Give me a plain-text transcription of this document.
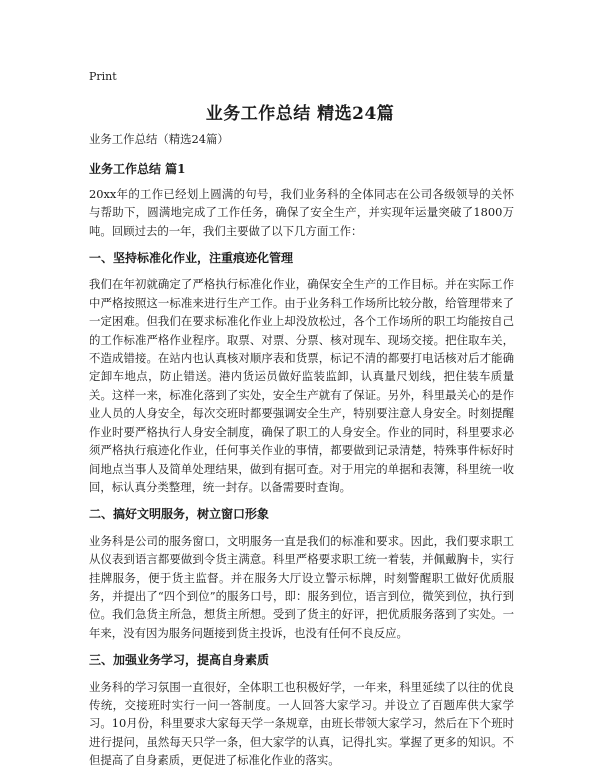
Print
业务工作总结 精选24篇

业务工作总结（精选24篇）

业务工作总结 篇1

20xx年的工作已经划上圆满的句号，我们业务科的全体同志在公司各级领导的关怀与帮助下，圆满地完成了工作任务，确保了安全生产，并实现年运量突破了1800万吨。回顾过去的一年，我们主要做了以下几方面工作：

一、坚持标准化作业，注重痕迹化管理

我们在年初就确定了严格执行标准化作业，确保安全生产的工作目标。并在实际工作中严格按照这一标准来进行生产工作。由于业务科工作场所比较分散，给管理带来了一定困难。但我们在要求标准化作业上却没放松过，各个工作场所的职工均能按自己的工作标准严格作业程序。取票、对票、分票、核对现车、现场交接。把住取车关，不造成错接。在站内也认真核对顺序表和货票，标记不清的都要打电话核对后才能确定卸车地点，防止错送。港内货运员做好监装监卸，认真量尺划线，把住装车质量关。这样一来，标准化落到了实处，安全生产就有了保证。另外，科里最关心的是作业人员的人身安全，每次交班时都要强调安全生产，特别要注意人身安全。时刻提醒作业时要严格执行人身安全制度，确保了职工的人身安全。作业的同时，科里要求必须严格执行痕迹化作业，任何事关作业的事情，都要做到记录清楚，特殊事件标好时间地点当事人及简单处理结果，做到有据可查。对于用完的单据和表簿，科里统一收回，标认真分类整理，统一封存。以备需要时查询。

二、搞好文明服务，树立窗口形象

业务科是公司的服务窗口，文明服务一直是我们的标准和要求。因此，我们要求职工从仪表到语言都要做到令货主满意。科里严格要求职工统一着装，并佩戴胸卡，实行挂牌服务，便于货主监督。并在服务大厅设立警示标牌，时刻警醒职工做好优质服务，并提出了“四个到位”的服务口号，即：服务到位，语言到位，微笑到位，执行到位。我们急货主所急，想货主所想。受到了货主的好评，把优质服务落到了实处。一年来，没有因为服务问题接到货主投诉，也没有任何不良反应。

三、加强业务学习，提高自身素质

业务科的学习氛围一直很好，全体职工也积极好学，一年来，科里延续了以往的优良传统，交接班时实行一问一答制度。一人回答大家学习。并设立了百题库供大家学习。10月份，科里要求大家每天学一条规章，由班长带领大家学习，然后在下个班时进行提问，虽然每天只学一条，但大家学的认真，记得扎实。掌握了更多的知识。不但提高了自身素质，更促进了标准化作业的落实。
